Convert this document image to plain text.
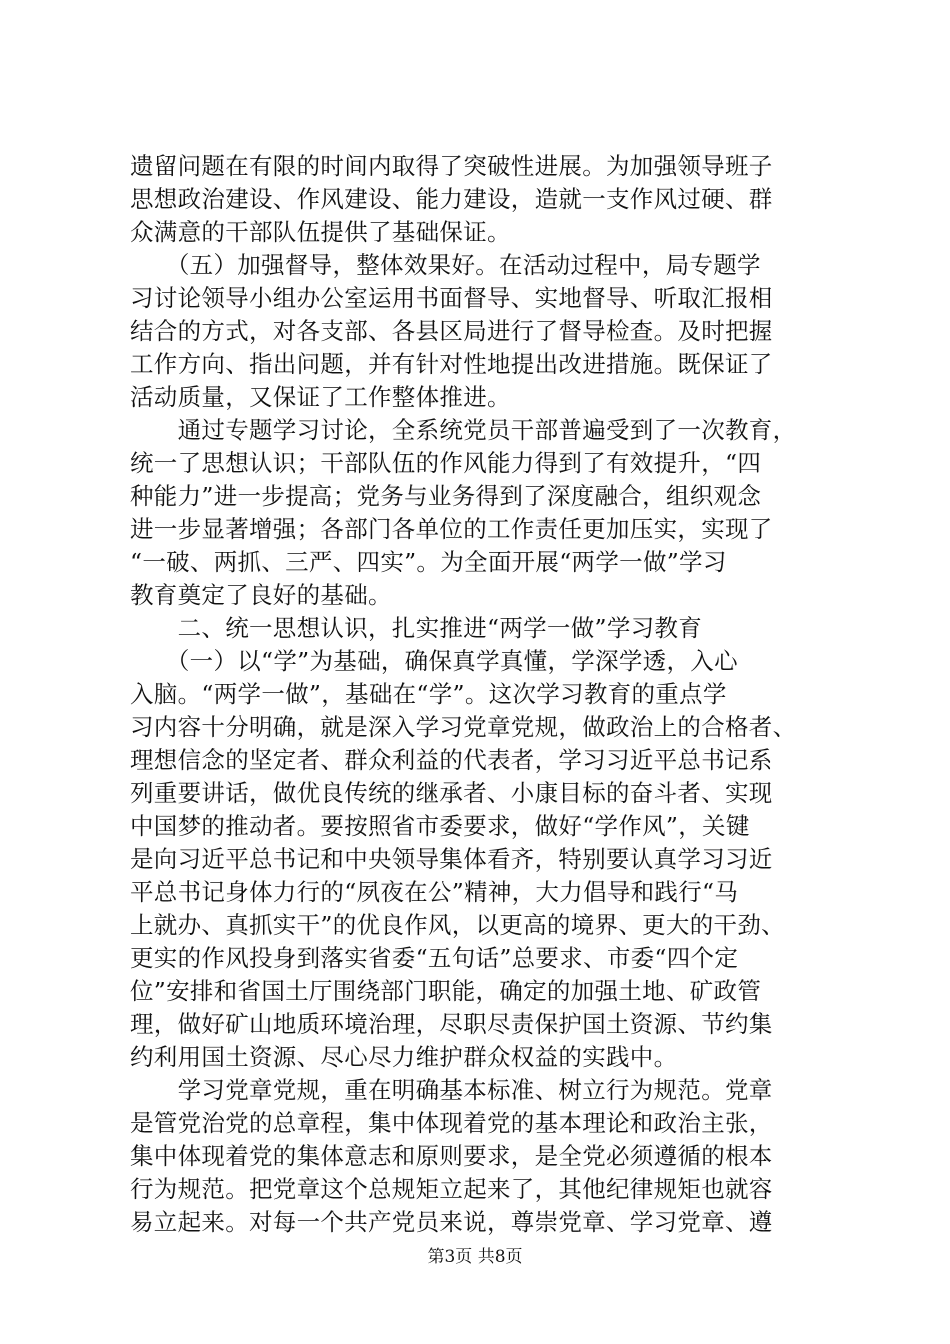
遗留问题在有限的时间内取得了突破性进展。为加强领导班子
思想政治建设、作风建设、能力建设，造就一支作风过硬、群
众满意的干部队伍提供了基础保证。
　　（五）加强督导，整体效果好。在活动过程中，局专题学
习讨论领导小组办公室运用书面督导、实地督导、听取汇报相
结合的方式，对各支部、各县区局进行了督导检查。及时把握
工作方向、指出问题，并有针对性地提出改进措施。既保证了
活动质量，又保证了工作整体推进。
　　通过专题学习讨论，全系统党员干部普遍受到了一次教育，
统一了思想认识；干部队伍的作风能力得到了有效提升，“四
种能力”进一步提高；党务与业务得到了深度融合，组织观念
进一步显著增强；各部门各单位的工作责任更加压实，实现了
“一破、两抓、三严、四实”。为全面开展“两学一做”学习
教育奠定了良好的基础。
　　二、统一思想认识，扎实推进“两学一做”学习教育
　　（一）以“学”为基础，确保真学真懂，学深学透，入心
入脑。“两学一做”，基础在“学”。这次学习教育的重点学
习内容十分明确，就是深入学习党章党规，做政治上的合格者、
理想信念的坚定者、群众利益的代表者，学习习近平总书记系
列重要讲话，做优良传统的继承者、小康目标的奋斗者、实现
中国梦的推动者。要按照省市委要求，做好“学作风”，关键
是向习近平总书记和中央领导集体看齐，特别要认真学习习近
平总书记身体力行的“夙夜在公”精神，大力倡导和践行“马
上就办、真抓实干”的优良作风，以更高的境界、更大的干劲、
更实的作风投身到落实省委“五句话”总要求、市委“四个定
位”安排和省国土厅围绕部门职能，确定的加强土地、矿政管
理，做好矿山地质环境治理，尽职尽责保护国土资源、节约集
约利用国土资源、尽心尽力维护群众权益的实践中。
　　学习党章党规，重在明确基本标准、树立行为规范。党章
是管党治党的总章程，集中体现着党的基本理论和政治主张，
集中体现着党的集体意志和原则要求，是全党必须遵循的根本
行为规范。把党章这个总规矩立起来了，其他纪律规矩也就容
易立起来。对每一个共产党员来说，尊崇党章、学习党章、遵
第3页 共8页
